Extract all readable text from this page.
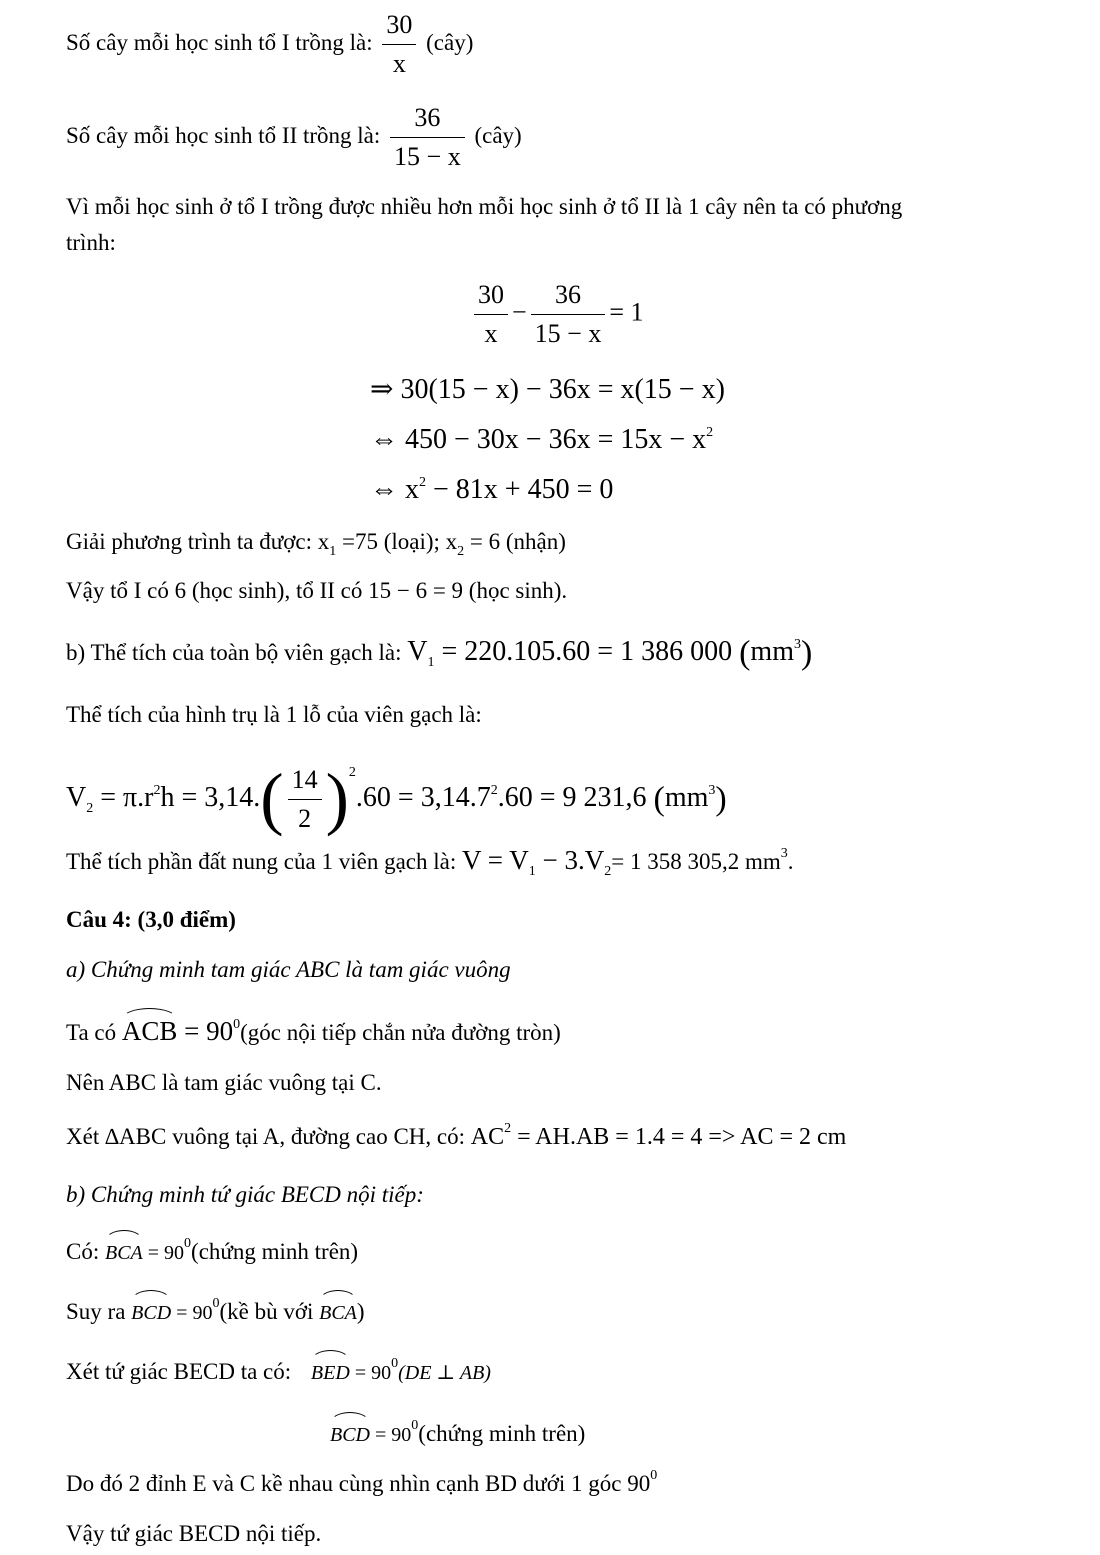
Số cây mỗi học sinh tổ I trồng là: $\frac{30}{x}$ (cây)
Số cây mỗi học sinh tổ II trồng là: $\frac{36}{15 - x}$ (cây)
Vì mỗi học sinh ở tổ I trồng được nhiều hơn mỗi học sinh ở tổ II là 1 cây nên ta có phương
trình:
$\frac{30}{x} - \frac{36}{15 - x} = 1$
⇒ 30(15 − x) − 36x = x(15 − x)
⇔ $450 - 30x - 36x = 15x - x^2$
⇔ $x^2 - 81x + 450 = 0$
Giải phương trình ta được: $x_1 =75$ (loại); $x_2 = 6$ (nhận)
Vậy tổ I có 6 (học sinh), tổ II có 15 − 6 = 9 (học sinh).
b) Thể tích của toàn bộ viên gạch là: $V_1 = 220.105.60 = 1$ 386 000 $(mm^3)$
Thể tích của hình trụ là 1 lỗ của viên gạch là:
$V_2 = \pi.r^2h = 3,14.( \frac{14}{2} )^2.60 = 3,14.7^2.60 = 9$ 231,6 $(mm^3)$
Thể tích phần đất nung của 1 viên gạch là: $V = V_1 - 3.V_2= 1$ 358 305,2 $mm^3$.
Câu 4: (3,0 điểm)
a) Chứng minh tam giác ABC là tam giác vuông
Ta có ACB = $90^0(góc$ nội tiếp chắn nửa đường tròn)
Nên ABC là tam giác vuông tại C.
Xét ∆ABC vuông tại A, đường cao CH, có: $AC^2 = AH.AB = 1.4 = 4$ => AC = 2 cm
b) Chứng minh tứ giác BECD nội tiếp:
Có: BCA = $90^0(chứng$ minh trên)
Suy ra BCD = $90^0(kề$ bù với BCA)
Xét tứ giác BECD ta có: BED = $90^0(DE$ ⊥ AB)
BCD = $90^0(chứng$ minh trên)
Do đó 2 đỉnh E và C kề nhau cùng nhìn cạnh BD dưới 1 góc $90^0$
Vậy tứ giác BECD nội tiếp.
